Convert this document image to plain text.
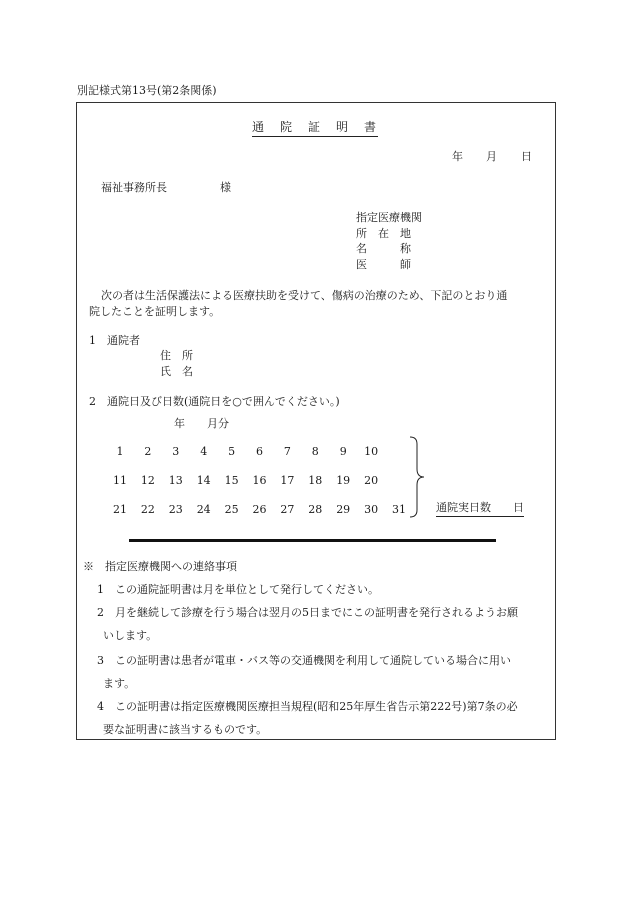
別記様式第13号(第2条関係)
通　院　証　明　書
年 月 日
福祉事務所長	様
指定医療機関
所　在　地
名　　　称
医　　　師
次の者は生活保護法による医療扶助を受けて、傷病の治療のため、下記のとおり通
院したことを証明します。
1　通院者
住　所
氏　名
2　通院日及び日数(通院日を○で囲んでください。)
年　　月分
1	2	3	4	5	6	7	8	9	10
11	12	13	14	15	16	17	18	19	20
21	22	23	24	25	26	27	28	29	30	31	通院実日数　　日
※　指定医療機関への連絡事項
1　この通院証明書は月を単位として発行してください。
2　月を継続して診療を行う場合は翌月の5日までにこの証明書を発行されるようお願
いします。
3　この証明書は患者が電車・バス等の交通機関を利用して通院している場合に用い
ます。
4　この証明書は指定医療機関医療担当規程(昭和25年厚生省告示第222号)第7条の必
要な証明書に該当するものです。
